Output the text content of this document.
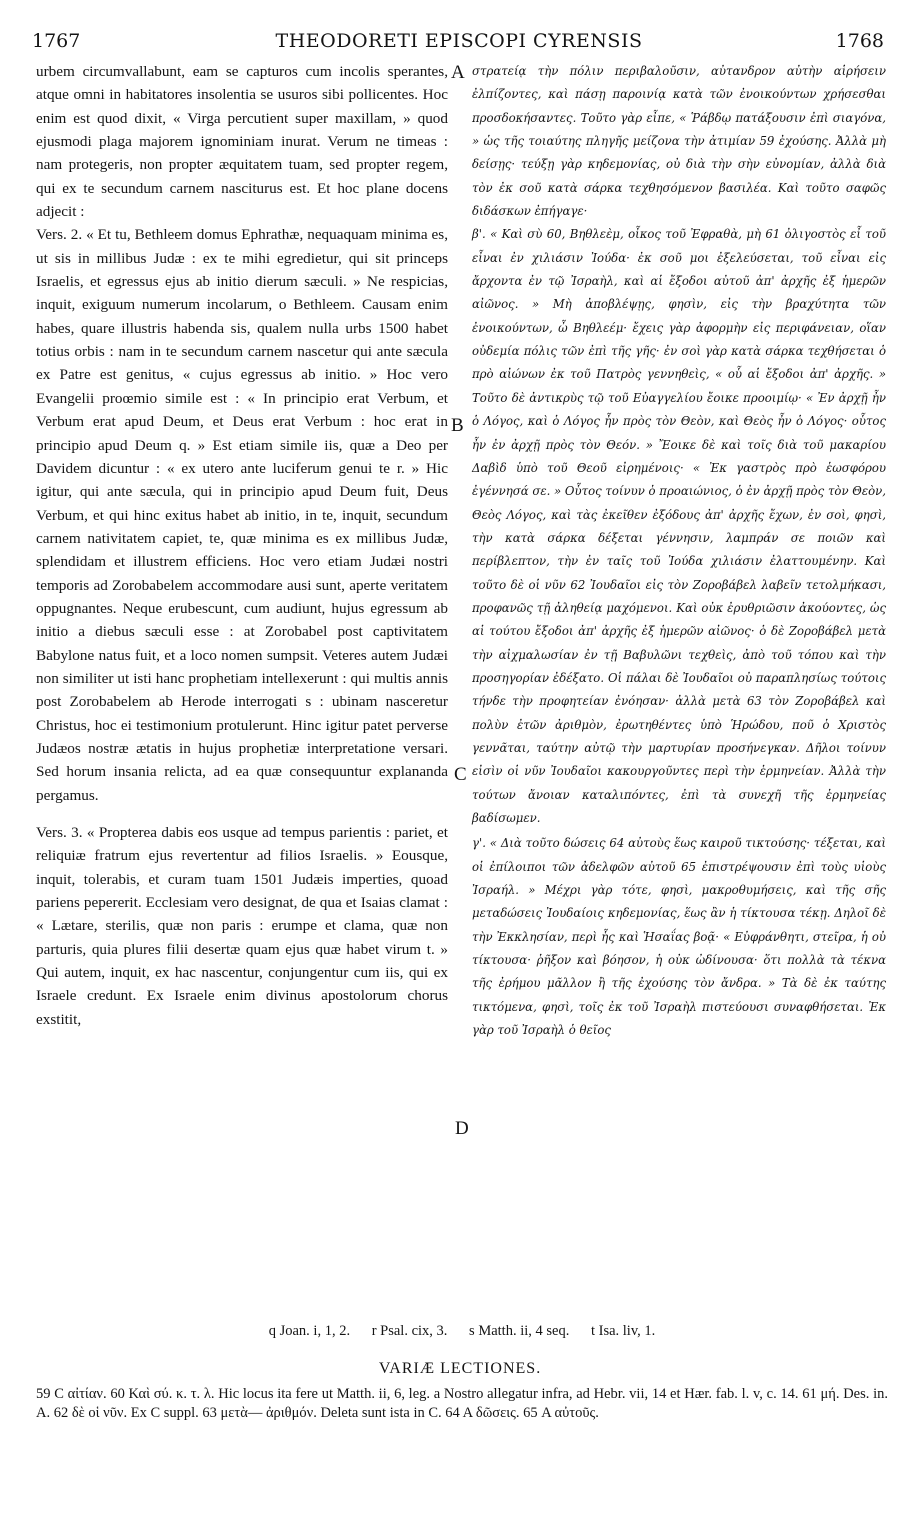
1767	THEODORETI EPISCOPI CYRENSIS	1768

urbem circumvallabunt, eam se capturos cum incolis sperantes, atque omni in habitatores insolentia se usuros sibi pollicentes. Hoc enim est quod dixit, « Virga percutient super maxillam, » quod ejusmodi plaga majorem ignominiam inurat. Verum ne timeas : nam protegeris, non propter æquitatem tuam, sed propter regem, qui ex te secundum carnem nasciturus est. Et hoc plane docens adjecit :

Vers. 2. « Et tu, Bethleem domus Ephrathæ, nequaquam minima es, ut sis in millibus Judæ : ex te mihi egredietur, qui sit princeps Israelis, et egressus ejus ab initio dierum sæculi. » Ne respicias, inquit, exiguum numerum incolarum, o Bethleem. Causam enim habes, quare illustris habenda sis, qualem nulla urbs 1500 habet totius orbis : nam in te secundum carnem nascetur qui ante sæcula ex Patre est genitus, « cujus egressus ab initio. » Hoc vero Evangelii proœmio simile est : « In principio erat Verbum, et Verbum erat apud Deum, et Deus erat Verbum : hoc erat in principio apud Deum q. » Est etiam simile iis, quæ a Deo per Davidem dicuntur : « ex utero ante luciferum genui te r. » Hic igitur, qui ante sæcula, qui in principio apud Deum fuit, Deus Verbum, et qui hinc exitus habet ab initio, in te, inquit, secundum carnem nativitatem capiet, te, quæ minima es ex millibus Judæ, splendidam et illustrem efficiens. Hoc vero etiam Judæi nostri temporis ad Zorobabelem accommodare ausi sunt, aperte veritatem oppugnantes. Neque erubescunt, cum audiunt, hujus egressum ab initio a diebus sæculi esse : at Zorobabel post captivitatem Babylone natus fuit, et a loco nomen sumpsit. Veteres autem Judæi non similiter ut isti hanc prophetiam intellexerunt : qui multis annis post Zorobabelem ab Herode interrogati s : ubinam nasceretur Christus, hoc ei testimonium protulerunt. Hinc igitur patet perverse Judæos nostræ ætatis in hujus prophetiæ interpretatione versari. Sed horum insania relicta, ad ea quæ consequuntur explananda pergamus.

Vers. 3. « Propterea dabis eos usque ad tempus parientis : pariet, et reliquiæ fratrum ejus revertentur ad filios Israelis. » Eousque, inquit, tolerabis, et curam tuam 1501 Judæis imperties, quoad pariens pepererit. Ecclesiam vero designat, de qua et Isaias clamat : « Lætare, sterilis, quæ non paris : erumpe et clama, quæ non parturis, quia plures filii desertæ quam ejus quæ habet virum t. » Qui autem, inquit, ex hac nascentur, conjungentur cum iis, qui ex Israele credunt. Ex Israele enim divinus apostolorum chorus exstitit,

στρατείᾳ τὴν πόλιν περιβαλοῦσιν, αὐτανδρον αὐτὴν αἱρήσειν ἐλπίζοντες, καὶ πάσῃ παροινίᾳ κατὰ τῶν ἐνοικούντων χρήσεσθαι προσδοκήσαντες. Τοῦτο γὰρ εἶπε, « Ῥάβδῳ πατάξουσιν ἐπὶ σιαγόνα, » ὡς τῆς τοιαύτης πληγῆς μείζονα τὴν ἀτιμίαν 59 ἐχούσης. Ἀλλὰ μὴ δείσῃς· τεύξῃ γὰρ κηδεμονίας, οὐ διὰ τὴν σὴν εὐνομίαν, ἀλλὰ διὰ τὸν ἐκ σοῦ κατὰ σάρκα τεχθησόμενον βασιλέα. Καὶ τοῦτο σαφῶς διδάσκων ἐπήγαγε·

β'. « Καὶ σὺ 60, Βηθλεὲμ, οἶκος τοῦ Ἐφραθὰ, μὴ 61 ὀλιγοστὸς εἶ τοῦ εἶναι ἐν χιλιάσιν Ἰούδα· ἐκ σοῦ μοι ἐξελεύσεται, τοῦ εἶναι εἰς ἄρχοντα ἐν τῷ Ἰσραὴλ, καὶ αἱ ἔξοδοι αὐτοῦ ἀπ' ἀρχῆς ἐξ ἡμερῶν αἰῶνος. » Μὴ ἀποβλέψῃς, φησὶν, εἰς τὴν βραχύτητα τῶν ἐνοικούντων, ὦ Βηθλεέμ· ἔχεις γὰρ ἀφορμὴν εἰς περιφάνειαν, οἵαν οὐδεμία πόλις τῶν ἐπὶ τῆς γῆς· ἐν σοὶ γὰρ κατὰ σάρκα τεχθήσεται ὁ πρὸ αἰώνων ἐκ τοῦ Πατρὸς γεννηθεὶς, « οὗ αἱ ἔξοδοι ἀπ' ἀρχῆς. » Τοῦτο δὲ ἀντικρὺς τῷ τοῦ Εὐαγγελίου ἔοικε προοιμίῳ· « Ἐν ἀρχῇ ἦν ὁ Λόγος, καὶ ὁ Λόγος ἦν πρὸς τὸν Θεὸν, καὶ Θεὸς ἦν ὁ Λόγος· οὗτος ἦν ἐν ἀρχῇ πρὸς τὸν Θεόν. » Ἔοικε δὲ καὶ τοῖς διὰ τοῦ μακαρίου Δαβὶδ ὑπὸ τοῦ Θεοῦ εἰρημένοις· « Ἐκ γαστρὸς πρὸ ἑωσφόρου ἐγέννησά σε. » Οὗτος τοίνυν ὁ προαιώνιος, ὁ ἐν ἀρχῇ πρὸς τὸν Θεὸν, Θεὸς Λόγος, καὶ τὰς ἐκεῖθεν ἐξόδους ἀπ' ἀρχῆς ἔχων, ἐν σοὶ, φησὶ, τὴν κατὰ σάρκα δέξεται γέννησιν, λαμπράν σε ποιῶν καὶ περίβλεπτον, τὴν ἐν ταῖς τοῦ Ἰούδα χιλιάσιν ἐλαττουμένην. Καὶ τοῦτο δὲ οἱ νῦν 62 Ἰουδαῖοι εἰς τὸν Ζοροβάβελ λαβεῖν τετολμήκασι, προφανῶς τῇ ἀληθείᾳ μαχόμενοι. Καὶ οὐκ ἐρυθριῶσιν ἀκούοντες, ὡς αἱ τούτου ἔξοδοι ἀπ' ἀρχῆς ἐξ ἡμερῶν αἰῶνος· ὁ δὲ Ζοροβάβελ μετὰ τὴν αἰχμαλωσίαν ἐν τῇ Βαβυλῶνι τεχθεὶς, ἀπὸ τοῦ τόπου καὶ τὴν προσηγορίαν ἐδέξατο. Οἱ πάλαι δὲ Ἰουδαῖοι οὐ παραπλησίως τούτοις τήνδε τὴν προφητείαν ἐνόησαν· ἀλλὰ μετὰ 63 τὸν Ζοροβάβελ καὶ πολὺν ἐτῶν ἀριθμὸν, ἐρωτηθέντες ὑπὸ Ἡρώδου, ποῦ ὁ Χριστὸς γεννᾶται, ταύτην αὐτῷ τὴν μαρτυρίαν προσήνεγκαν. Δῆλοι τοίνυν εἰσὶν οἱ νῦν Ἰουδαῖοι κακουργοῦντες περὶ τὴν ἑρμηνείαν. Ἀλλὰ τὴν τούτων ἄνοιαν καταλιπόντες, ἐπὶ τὰ συνεχῆ τῆς ἑρμηνείας βαδίσωμεν.

γ'. « Διὰ τοῦτο δώσεις 64 αὐτοὺς ἕως καιροῦ τικτούσης· τέξεται, καὶ οἱ ἐπίλοιποι τῶν ἀδελφῶν αὐτοῦ 65 ἐπιστρέψουσιν ἐπὶ τοὺς υἱοὺς Ἰσραήλ. » Μέχρι γὰρ τότε, φησὶ, μακροθυμήσεις, καὶ τῆς σῆς μεταδώσεις Ἰουδαίοις κηδεμονίας, ἕως ἂν ἡ τίκτουσα τέκῃ. Δηλοῖ δὲ τὴν Ἐκκλησίαν, περὶ ἧς καὶ Ἡσαΐας βοᾷ· « Εὐφράνθητι, στεῖρα, ἡ οὐ τίκτουσα· ῥῆξον καὶ βόησον, ἡ οὐκ ὠδίνουσα· ὅτι πολλὰ τὰ τέκνα τῆς ἐρήμου μᾶλλον ἢ τῆς ἐχούσης τὸν ἄνδρα. » Τὰ δὲ ἐκ ταύτης τικτόμενα, φησὶ, τοῖς ἐκ τοῦ Ἰσραὴλ πιστεύουσι συναφθήσεται. Ἐκ γὰρ τοῦ Ἰσραὴλ ὁ θεῖος

A
B
C
D
q Joan. i, 1, 2. r Psal. cix, 3. s Matth. ii, 4 seq. t Isa. liv, 1.
VARIÆ LECTIONES.

59 C αἰτίαν. 60 Καὶ σύ. κ. τ. λ. Hic locus ita fere ut Matth. ii, 6, leg. a Nostro allegatur infra, ad Hebr. vii, 14 et Hær. fab. l. v, c. 14. 61 μή. Des. in. A. 62 δὲ οἱ νῦν. Ex C suppl. 63 μετὰ— ἀριθμόν. Deleta sunt ista in C. 64 A δῶσεις. 65 A αὐτοῦς.
